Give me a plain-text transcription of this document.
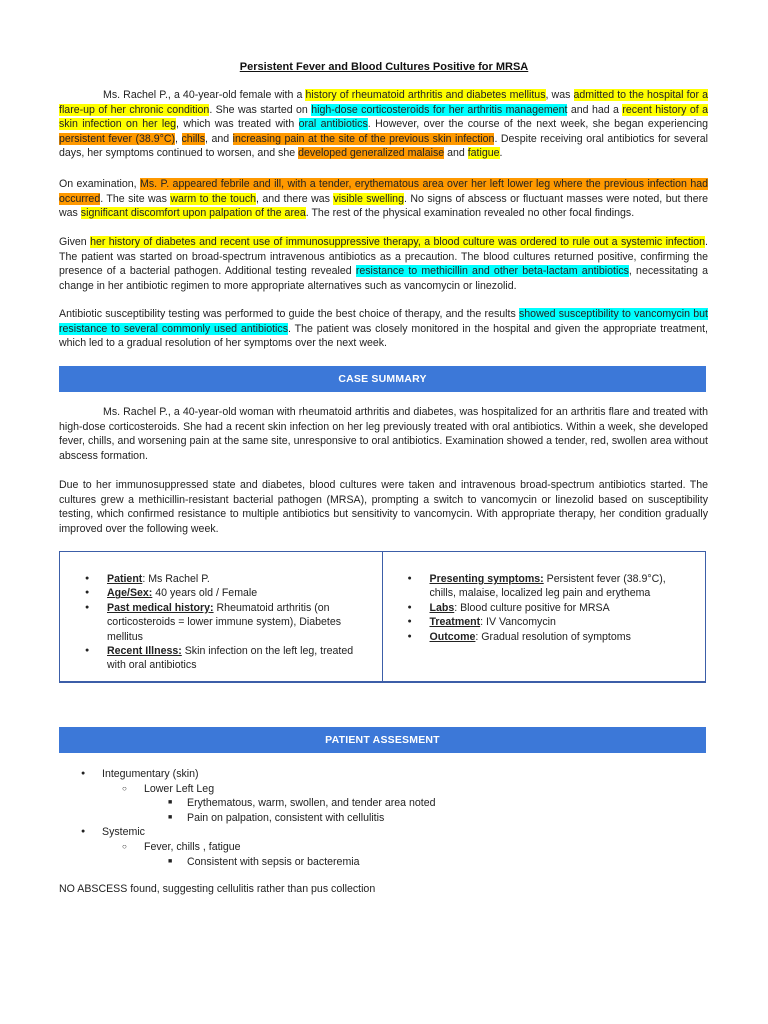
Persistent Fever and Blood Cultures Positive for MRSA

Ms. Rachel P., a 40-year-old female with a history of rheumatoid arthritis and diabetes mellitus, was admitted to the hospital for a flare-up of her chronic condition. She was started on high-dose corticosteroids for her arthritis management and had a recent history of a skin infection on her leg, which was treated with oral antibiotics. However, over the course of the next week, she began experiencing persistent fever (38.9°C), chills, and increasing pain at the site of the previous skin infection. Despite receiving oral antibiotics for several days, her symptoms continued to worsen, and she developed generalized malaise and fatigue.

On examination, Ms. P. appeared febrile and ill, with a tender, erythematous area over her left lower leg where the previous infection had occurred. The site was warm to the touch, and there was visible swelling. No signs of abscess or fluctuant masses were noted, but there was significant discomfort upon palpation of the area. The rest of the physical examination revealed no other focal findings.

Given her history of diabetes and recent use of immunosuppressive therapy, a blood culture was ordered to rule out a systemic infection. The patient was started on broad-spectrum intravenous antibiotics as a precaution. The blood cultures returned positive, confirming the presence of a bacterial pathogen. Additional testing revealed resistance to methicillin and other beta-lactam antibiotics, necessitating a change in her antibiotic regimen to more appropriate alternatives such as vancomycin or linezolid.

Antibiotic susceptibility testing was performed to guide the best choice of therapy, and the results showed susceptibility to vancomycin but resistance to several commonly used antibiotics. The patient was closely monitored in the hospital and given the appropriate treatment, which led to a gradual resolution of her symptoms over the next week.

CASE SUMMARY

Ms. Rachel P., a 40-year-old woman with rheumatoid arthritis and diabetes, was hospitalized for an arthritis flare and treated with high-dose corticosteroids. She had a recent skin infection on her leg previously treated with oral antibiotics. Within a week, she developed fever, chills, and worsening pain at the same site, unresponsive to oral antibiotics. Examination showed a tender, red, swollen area without abscess formation.

Due to her immunosuppressed state and diabetes, blood cultures were taken and intravenous broad-spectrum antibiotics started. The cultures grew a methicillin-resistant bacterial pathogen (MRSA), prompting a switch to vancomycin or linezolid based on susceptibility testing, which confirmed resistance to multiple antibiotics but sensitivity to vancomycin. With appropriate therapy, her condition gradually improved over the following week.

● Patient: Ms Rachel P.
● Age/Sex: 40 years old / Female
● Past medical history: Rheumatoid arthritis (on corticosteroids = lower immune system), Diabetes mellitus
● Recent Illness: Skin infection on the left leg, treated with oral antibiotics
● Presenting symptoms: Persistent fever (38.9°C), chills, malaise, localized leg pain and erythema
● Labs: Blood culture positive for MRSA
● Treatment: IV Vancomycin
● Outcome: Gradual resolution of symptoms
PATIENT ASSESMENT
● Integumentary (skin)
○ Lower Left Leg
■ Erythematous, warm, swollen, and tender area noted
■ Pain on palpation, consistent with cellulitis
● Systemic
○ Fever, chills , fatigue
■ Consistent with sepsis or bacteremia
NO ABSCESS found, suggesting cellulitis rather than pus collection
